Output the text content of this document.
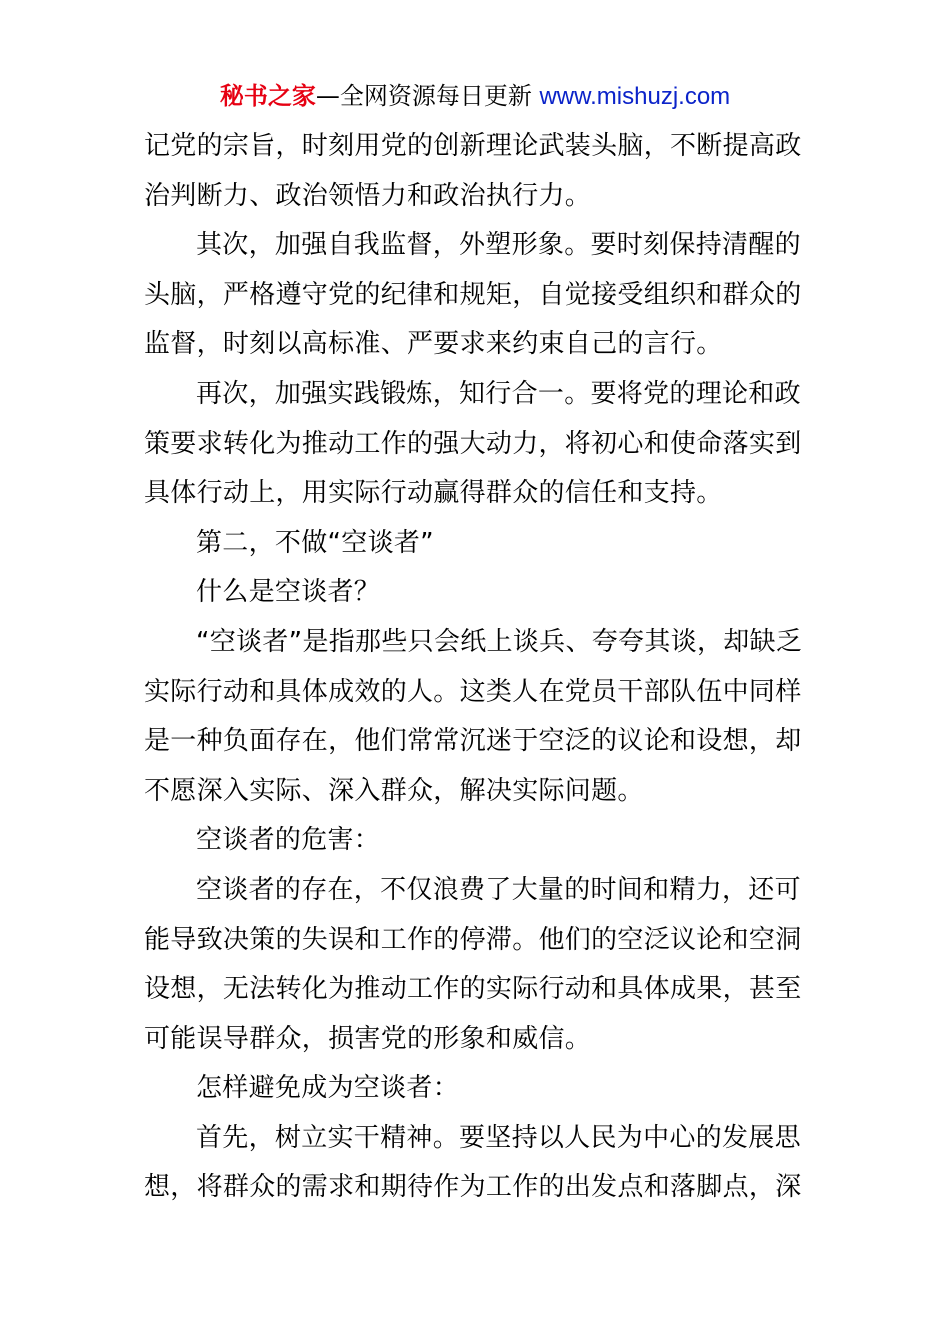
秘书之家—全网资源每日更新 www.mishuzj.com
记党的宗旨，时刻用党的创新理论武装头脑，不断提高政
治判断力、政治领悟力和政治执行力。
其次，加强自我监督，外塑形象。要时刻保持清醒的
头脑，严格遵守党的纪律和规矩，自觉接受组织和群众的
监督，时刻以高标准、严要求来约束自己的言行。
再次，加强实践锻炼，知行合一。要将党的理论和政
策要求转化为推动工作的强大动力，将初心和使命落实到
具体行动上，用实际行动赢得群众的信任和支持。
第二，不做“空谈者”
什么是空谈者？
“空谈者”是指那些只会纸上谈兵、夸夸其谈，却缺乏
实际行动和具体成效的人。这类人在党员干部队伍中同样
是一种负面存在，他们常常沉迷于空泛的议论和设想，却
不愿深入实际、深入群众，解决实际问题。
空谈者的危害：
空谈者的存在，不仅浪费了大量的时间和精力，还可
能导致决策的失误和工作的停滞。他们的空泛议论和空洞
设想，无法转化为推动工作的实际行动和具体成果，甚至
可能误导群众，损害党的形象和威信。
怎样避免成为空谈者：
首先，树立实干精神。要坚持以人民为中心的发展思
想，将群众的需求和期待作为工作的出发点和落脚点，深
